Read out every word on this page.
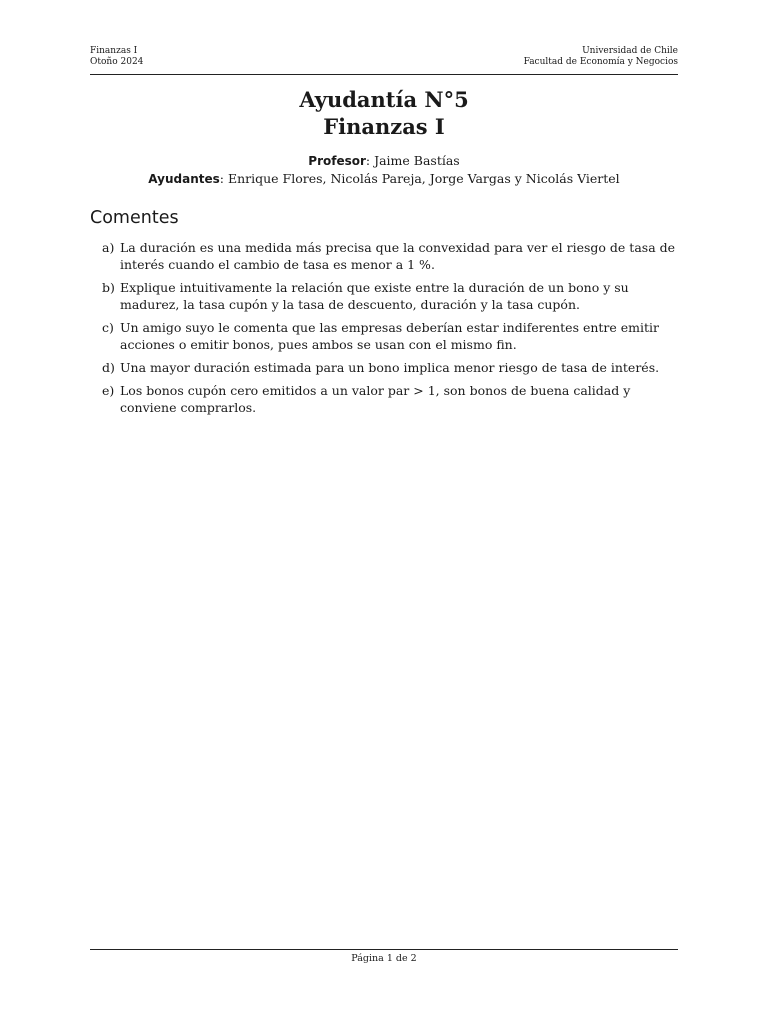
Finanzas I
Otoño 2024
Universidad de Chile
Facultad de Economía y Negocios
Ayudantía N°5
Finanzas I
Profesor: Jaime Bastías
Ayudantes: Enrique Flores, Nicolás Pareja, Jorge Vargas y Nicolás Viertel
Comentes
a) La duración es una medida más precisa que la convexidad para ver el riesgo de tasa de interés cuando el cambio de tasa es menor a 1 %.
b) Explique intuitivamente la relación que existe entre la duración de un bono y su madurez, la tasa cupón y la tasa de descuento, duración y la tasa cupón.
c) Un amigo suyo le comenta que las empresas deberían estar indiferentes entre emitir acciones o emitir bonos, pues ambos se usan con el mismo fin.
d) Una mayor duración estimada para un bono implica menor riesgo de tasa de interés.
e) Los bonos cupón cero emitidos a un valor par > 1, son bonos de buena calidad y conviene comprarlos.
Página 1 de 2
